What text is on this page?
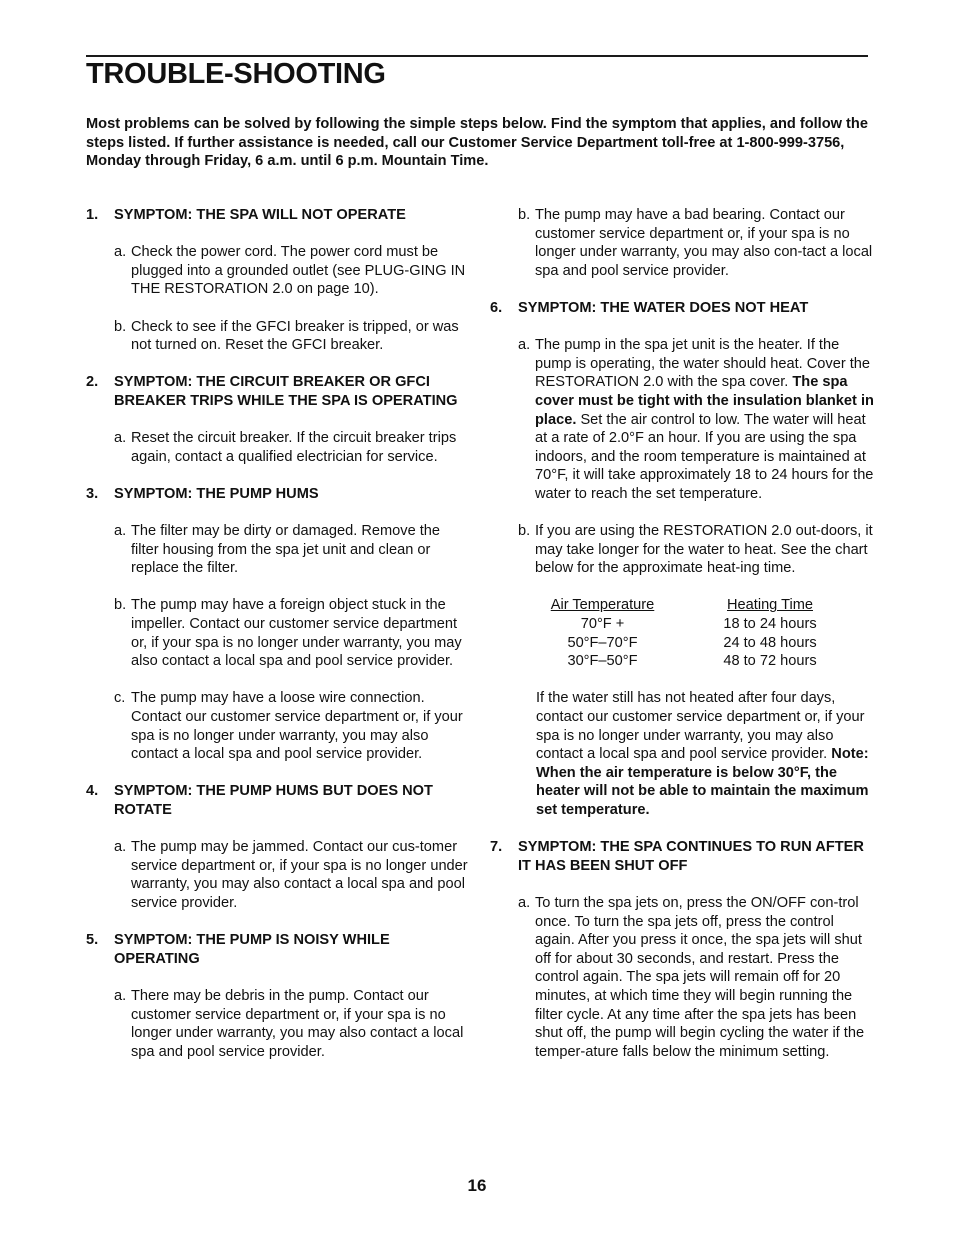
TROUBLE-SHOOTING

Most problems can be solved by following the simple steps below. Find the symptom that applies, and follow the steps listed. If further assistance is needed, call our Customer Service Department toll-free at 1-800-999-3756, Monday through Friday, 6 a.m. until 6 p.m. Mountain Time.

1. SYMPTOM: THE SPA WILL NOT OPERATE
a. Check the power cord. The power cord must be plugged into a grounded outlet (see PLUG-GING IN THE RESTORATION 2.0 on page 10).
b. Check to see if the GFCI breaker is tripped, or was not turned on. Reset the GFCI breaker.
2. SYMPTOM: THE CIRCUIT BREAKER OR GFCI BREAKER TRIPS WHILE THE SPA IS OPERATING
a. Reset the circuit breaker. If the circuit breaker trips again, contact a qualified electrician for service.
3. SYMPTOM: THE PUMP HUMS
a. The filter may be dirty or damaged. Remove the filter housing from the spa jet unit and clean or replace the filter.
b. The pump may have a foreign object stuck in the impeller. Contact our customer service department or, if your spa is no longer under warranty, you may also contact a local spa and pool service provider.
c. The pump may have a loose wire connection. Contact our customer service department or, if your spa is no longer under warranty, you may also contact a local spa and pool service provider.
4. SYMPTOM: THE PUMP HUMS BUT DOES NOT ROTATE
a. The pump may be jammed. Contact our cus-tomer service department or, if your spa is no longer under warranty, you may also contact a local spa and pool service provider.
5. SYMPTOM: THE PUMP IS NOISY WHILE OPERATING
a. There may be debris in the pump. Contact our customer service department or, if your spa is no longer under warranty, you may also contact a local spa and pool service provider.
b. The pump may have a bad bearing. Contact our customer service department or, if your spa is no longer under warranty, you may also con-tact a local spa and pool service provider.
6. SYMPTOM: THE WATER DOES NOT HEAT
a. The pump in the spa jet unit is the heater. If the pump is operating, the water should heat. Cover the RESTORATION 2.0 with the spa cover. The spa cover must be tight with the insulation blanket in place. Set the air control to low. The water will heat at a rate of 2.0°F an hour. If you are using the spa indoors, and the room temperature is maintained at 70°F, it will take approximately 18 to 24 hours for the water to reach the set temperature.
b. If you are using the RESTORATION 2.0 out-doors, it may take longer for the water to heat. See the chart below for the approximate heat-ing time.
Air Temperature	Heating Time
70°F +	18 to 24 hours
50°F–70°F	24 to 48 hours
30°F–50°F	48 to 72 hours

If the water still has not heated after four days, contact our customer service department or, if your spa is no longer under warranty, you may also contact a local spa and pool service provider. Note: When the air temperature is below 30°F, the heater will not be able to maintain the maximum set temperature.

7. SYMPTOM: THE SPA CONTINUES TO RUN AFTER IT HAS BEEN SHUT OFF
a. To turn the spa jets on, press the ON/OFF con-trol once. To turn the spa jets off, press the control again. After you press it once, the spa jets will shut off for about 30 seconds, and restart. Press the control again. The spa jets will remain off for 20 minutes, at which time they will begin running the filter cycle. At any time after the spa jets has been shut off, the pump will begin cycling the water if the temper-ature falls below the minimum setting.
16
